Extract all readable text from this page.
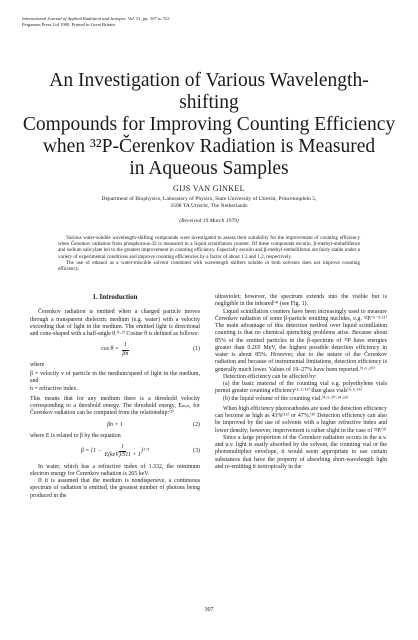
International Journal of Applied Radiation and Isotopes. Vol. 31, pp. 307 to 312
Pergamon Press Ltd 1980. Printed in Great Britain
An Investigation of Various Wavelength-shifting
Compounds for Improving Counting Efficiency
when ³²P-Čerenkov Radiation is Measured
in Aqueous Samples
GIJS VAN GINKEL
Department of Biophysics, Laboratory of Physics, State University of Utrecht, Princetonplein 5,
3508 TA Utrecht, The Netherlands
(Received 19 March 1979)

Various water-soluble wavelength-shifting compounds were investigated to assess their suitability for the improvement of counting efficiency when Čerenkov radiation from phosphorous-32 is measured in a liquid scintillation counter. Of these compounds esculin, β-methyl-umbelliferon and sodium salicylate led to the greatest improvement in counting efficiency. Especially esculin and β-methyl-umbelliferon are fairly stable under a variety of experimental conditions and improve counting efficiencies by a factor of about 1.3 and 1.2, respectively.

The use of ethanol as a water-miscible solvent combined with wavelength shifters soluble in both solvents does not improve counting efficiency.

1. Introduction

Čerenkov radiation is emitted when a charged particle moves through a transparent dielectric medium (e.g. water) with a velocity exceeding that of light in the medium. The emitted light is directional and cone-shaped with a half-angle θ.⁽¹·²⁾ Cosine θ is defined as follows:

$\cos \theta = \frac{1}{\beta n}$	(1)

where

β = velocity v of particle in the medium/speed of light in the medium, and

n = refractive index.

This means that for any medium there is a threshold velocity corresponding to a threshold energy. The threshold energy, Eₘᵢₙ, for Čerenkov radiation can be computed from the relationship:⁽³⁾

βn = 1	(2)

where E is related to β by the equation

$\beta = \{1 - \frac{1}{\text{E(keV)/511 + 1}}$ }¹ᐟ²	(3)

In water, which has a refractive index of 1.332, the minimum electron energy for Čerenkov radiation is 265 keV.

If it is assumed that the medium is nondispersive, a continuous spectrum of radiation is emitted, the greatest number of photons being produced in the

ultraviolet; however, the spectrum extends into the visible but is negligible in the infrared⁽⁴⁾ (see Fig. 1).

Liquid scintillation counters have been increasingly used to measure Čerenkov radiation of some β-particle emitting nuclides, e.g. ³²P.⁽⁵⁻⁹·¹¹⁾ The main advantage of this detection method over liquid scintillation counting is that no chemical quenching problems arise. Because about 85% of the emitted particles in the β-spectrum of ³²P have energies greater than 0.265 MeV, the highest possible detection efficiency in water is about 85%. However, due to the nature of the Čerenkov radiation and because of instrumental limitations, detection efficiency is generally much lower. Values of 19–27% have been reported.⁽⁵·⁶·¹⁰⁾

Detection efficiency can be affected by:

(a) the basic material of the counting vial e.g. polyethylene vials permit greater counting efficiency⁽⁵·⁶·¹⁵⁾ than glass vials⁽⁵·⁶·¹⁵⁾

(b) the liquid volume of the counting vial.⁽⁴·⁵·¹⁰·¹⁴·¹⁵⁾

When high efficiency photocathodes are used the detection efficiency can become as high as 43%⁽¹⁵⁾ or 47%.⁽⁸⁾ Detection efficiency can also be improved by the use of solvents with a higher refractive index and lower density; however, improvement is rather slight in the case of ³²P.⁽⁹⁾

Since a large proportion of the Čerenkov radiation occurs in the u.v. and u.v. light is easily absorbed by the solvent, the counting vial or the photomultiplier envelope, it would seem appropriate to use certain substances that have the property of absorbing short-wavelength light and re-emitting it isotropically in the

307
